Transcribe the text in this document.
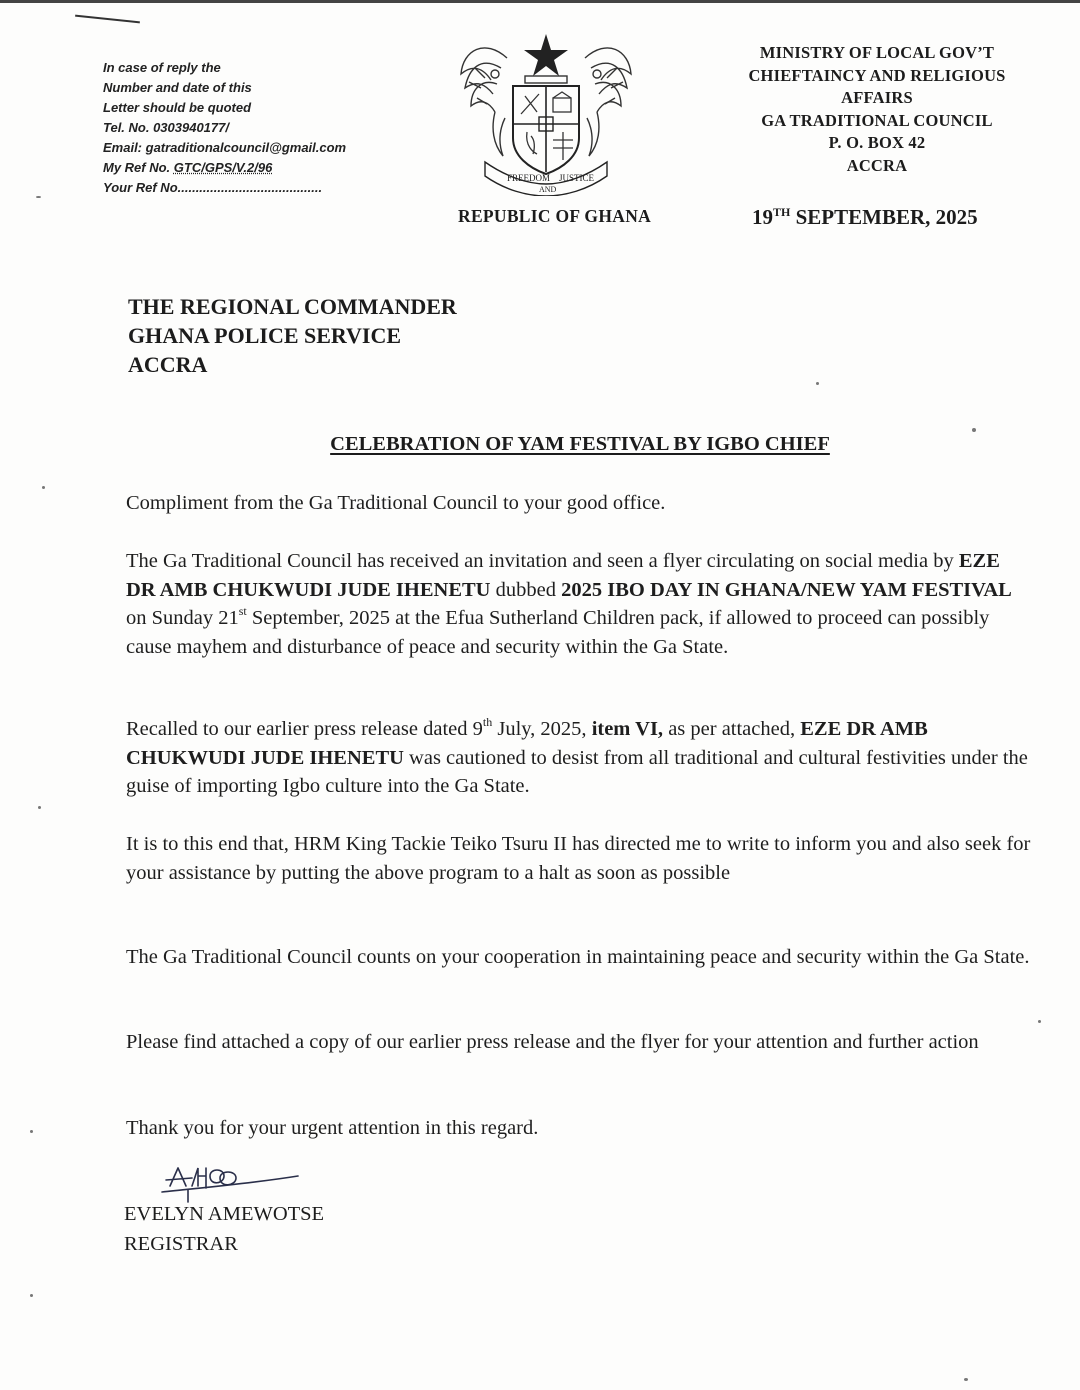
In case of reply the
Number and date of this
Letter should be quoted
Tel. No. 0303940177/
Email: gatraditionalcouncil@gmail.com
My Ref No. GTC/GPS/V.2/96
Your Ref No........................................
FREEDOM
AND
JUSTICE
MINISTRY OF LOCAL GOV’T
CHIEFTAINCY AND RELIGIOUS
AFFAIRS
GA TRADITIONAL COUNCIL
P. O. BOX 42
ACCRA
REPUBLIC OF GHANA	19TH SEPTEMBER, 2025
THE REGIONAL COMMANDER
GHANA POLICE SERVICE
ACCRA
CELEBRATION OF YAM FESTIVAL BY IGBO CHIEF
Compliment from the Ga Traditional Council to your good office.
The Ga Traditional Council has received an invitation and seen a flyer circulating on social media by EZE DR AMB CHUKWUDI JUDE IHENETU dubbed 2025 IBO DAY IN GHANA/NEW YAM FESTIVAL on Sunday 21st September, 2025 at the Efua Sutherland Children pack, if allowed to proceed can possibly cause mayhem and disturbance of peace and security within the Ga State.
Recalled to our earlier press release dated 9th July, 2025, item VI, as per attached, EZE DR AMB CHUKWUDI JUDE IHENETU was cautioned to desist from all traditional and cultural festivities under the guise of importing Igbo culture into the Ga State.
It is to this end that, HRM King Tackie Teiko Tsuru II has directed me to write to inform you and also seek for your assistance by putting the above program to a halt as soon as possible
The Ga Traditional Council counts on your cooperation in maintaining peace and security within the Ga State.
Please find attached a copy of our earlier press release and the flyer for your attention and further action
Thank you for your urgent attention in this regard.
EVELYN AMEWOTSE
REGISTRAR
